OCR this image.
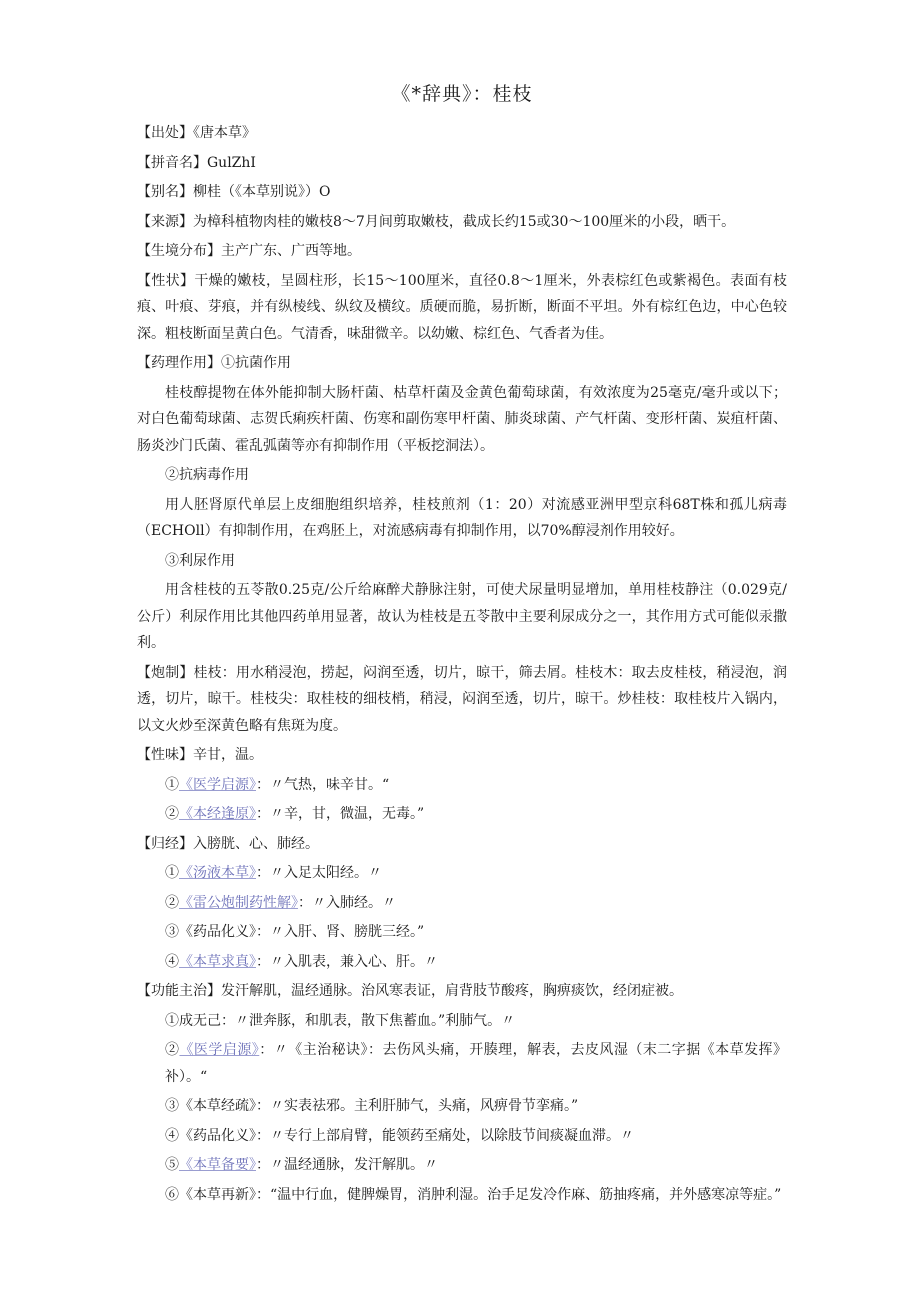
《*辞典》：桂枝

【出处】《唐本草》

【拼音名】GulZhI

【别名】柳桂（《本草别说》）O

【来源】为樟科植物肉桂的嫩枝8～7月间剪取嫩枝，截成长约15或30～100厘米的小段，晒干。

【生境分布】主产广东、广西等地。

【性状】干燥的嫩枝，呈圆柱形，长15～100厘米，直径0.8～1厘米，外表棕红色或紫褐色。表面有枝痕、叶痕、芽痕，并有纵棱线、纵纹及横纹。质硬而脆，易折断，断面不平坦。外有棕红色边，中心色较深。粗枝断面呈黄白色。气清香，味甜微辛。以幼嫩、棕红色、气香者为佳。

【药理作用】①抗菌作用

桂枝醇提物在体外能抑制大肠杆菌、枯草杆菌及金黄色葡萄球菌，有效浓度为25毫克/毫升或以下；对白色葡萄球菌、志贺氏痢疾杆菌、伤寒和副伤寒甲杆菌、肺炎球菌、产气杆菌、变形杆菌、炭疽杆菌、肠炎沙门氏菌、霍乱弧菌等亦有抑制作用（平板挖洞法）。

②抗病毒作用

用人胚肾原代单层上皮细胞组织培养，桂枝煎剂（1：20）对流感亚洲甲型京科68T株和孤儿病毒（ECHOll）有抑制作用，在鸡胚上，对流感病毒有抑制作用，以70%醇浸剂作用较好。

③利尿作用

用含桂枝的五苓散0.25克/公斤给麻醉犬静脉注射，可使犬尿量明显增加，单用桂枝静注（0.029克/公斤）利尿作用比其他四药单用显著，故认为桂枝是五苓散中主要利尿成分之一，其作用方式可能似汞撒利。

【炮制】桂枝：用水稍浸泡，捞起，闷润至透，切片，晾干，筛去屑。桂枝木：取去皮桂枝，稍浸泡，润透，切片，晾干。桂枝尖：取桂枝的细枝梢，稍浸，闷润至透，切片，晾干。炒桂枝：取桂枝片入锅内，以文火炒至深黄色略有焦斑为度。

【性味】辛甘，温。

①《医学启源》：〃气热，味辛甘。“

②《本经逢原》：〃辛，甘，微温，无毒。”

【归经】入膀胱、心、肺经。

①《汤液本草》：〃入足太阳经。〃

②《雷公炮制药性解》：〃入肺经。〃

③《药品化义》：〃入肝、肾、膀胱三经。”

④《本草求真》：〃入肌表，兼入心、肝。〃

【功能主治】发汗解肌，温经通脉。治风寒表证，肩背肢节酸疼，胸痹痰饮，经闭症被。

①成无己：〃泄奔豚，和肌表，散下焦蓄血。”利肺气。〃

②《医学启源》：〃《主治秘诀》：去伤风头痛，开腠理，解表，去皮风湿（末二字据《本草发挥》补）。“

③《本草经疏》：〃实表祛邪。主利肝肺气，头痛，风痹骨节挛痛。”

④《药品化义》：〃专行上部肩臂，能领药至痛处，以除肢节间痰凝血滞。〃

⑤《本草备要》：〃温经通脉，发汗解肌。〃

⑥《本草再新》：“温中行血，健脾燥胃，消肿利湿。治手足发冷作麻、筋抽疼痛，并外感寒凉等症。”
